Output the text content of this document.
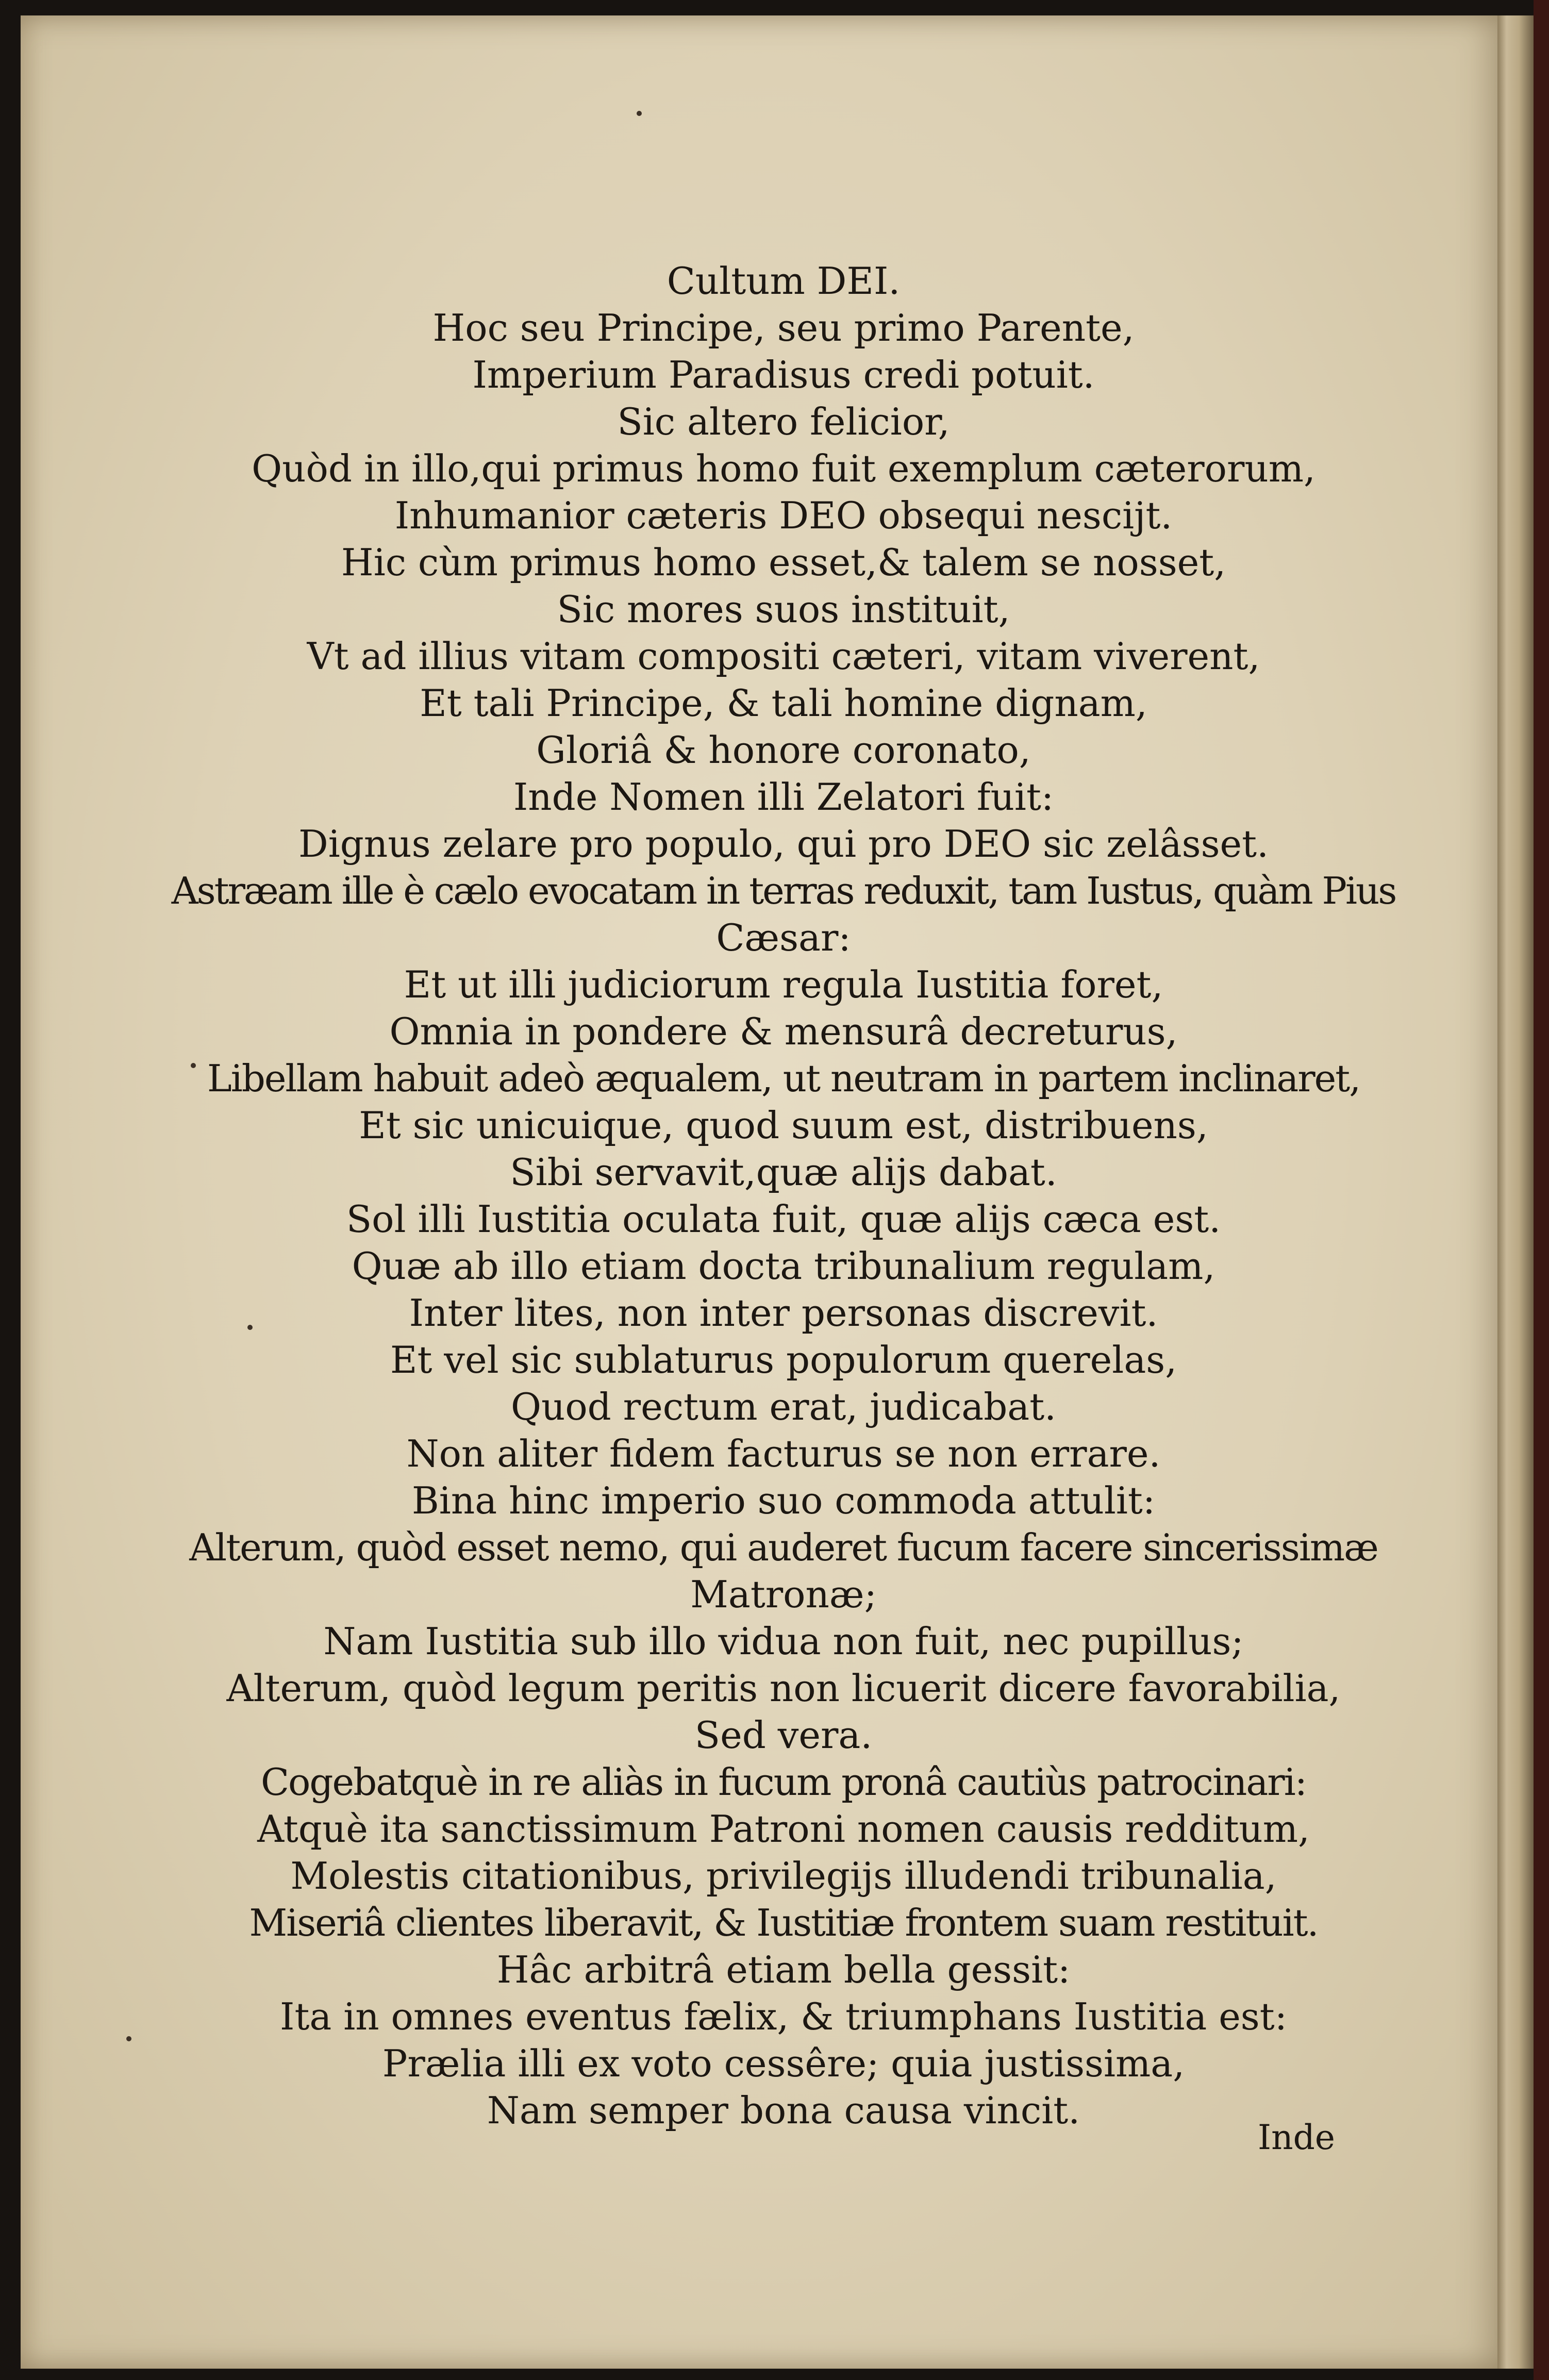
Cultum DEI.
Hoc seu Principe, seu primo Parente,
Imperium Paradisus credi potuit.
Sic altero felicior,
Quòd in illo,qui primus homo fuit exemplum cæterorum,
Inhumanior cæteris DEO obsequi nescijt.
Hic cùm primus homo esset,& talem se nosset,
Sic mores suos instituit,
Vt ad illius vitam compositi cæteri, vitam viverent,
Et tali Principe, & tali homine dignam,
Gloriâ & honore coronato,
Inde Nomen illi Zelatori fuit:
Dignus zelare pro populo, qui pro DEO sic zelâsset.
Astræam ille è cælo evocatam in terras reduxit, tam Iustus, quàm Pius
Cæsar:
Et ut illi judiciorum regula Iustitia foret,
Omnia in pondere & mensurâ decreturus,
Libellam habuit adeò æqualem, ut neutram in partem inclinaret,
Et sic unicuique, quod suum est, distribuens,
Sibi servavit,quæ alijs dabat.
Sol illi Iustitia oculata fuit, quæ alijs cæca est.
Quæ ab illo etiam docta tribunalium regulam,
Inter lites, non inter personas discrevit.
Et vel sic sublaturus populorum querelas,
Quod rectum erat, judicabat.
Non aliter fidem facturus se non errare.
Bina hinc imperio suo commoda attulit:
Alterum, quòd esset nemo, qui auderet fucum facere sincerissimæ
Matronæ;
Nam Iustitia sub illo vidua non fuit, nec pupillus;
Alterum, quòd legum peritis non licuerit dicere favorabilia,
Sed vera.
Cogebatquè in re aliàs in fucum pronâ cautiùs patrocinari:
Atquè ita sanctissimum Patroni nomen causis redditum,
Molestis citationibus, privilegijs illudendi tribunalia,
Miseriâ clientes liberavit, & Iustitiæ frontem suam restituit.
Hâc arbitrâ etiam bella gessit:
Ita in omnes eventus fælix, & triumphans Iustitia est:
Prælia illi ex voto cessêre; quia justissima,
Nam semper bona causa vincit.
Inde
